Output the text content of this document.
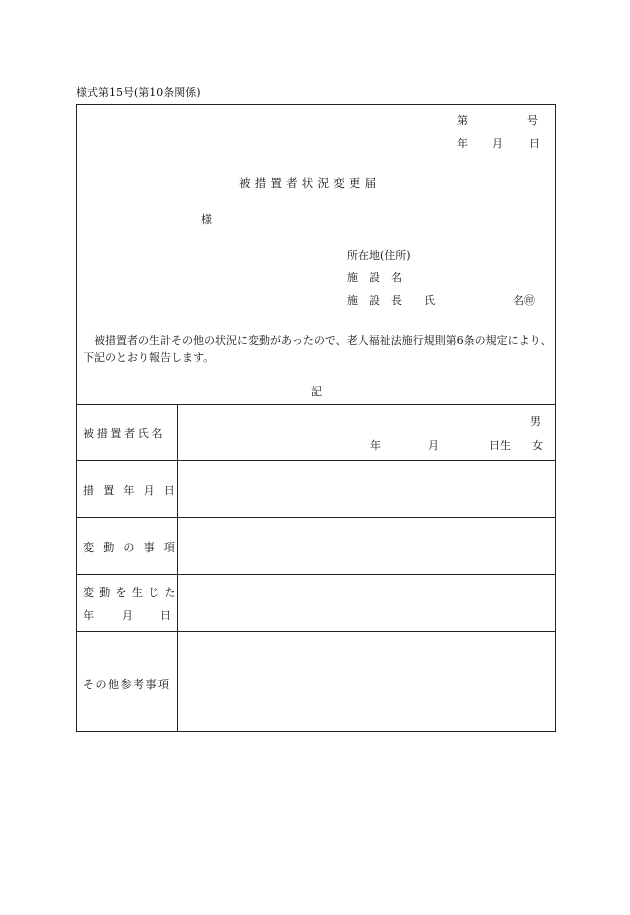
様式第15号(第10条関係)
第	号
年 月 日
被措置者状況変更届
様
所在地(住所)
施　設　名
施　設　長　　氏	名㊞
被措置者の生計その他の状況に変動があったので、老人福祉法施行規則第6条の規定により、下記のとおり報告します。
記
被措置者氏名
男
年	月	日生 女
措置年月日
変動の事項
変動を生じた
年	月 日
その他参考事項
